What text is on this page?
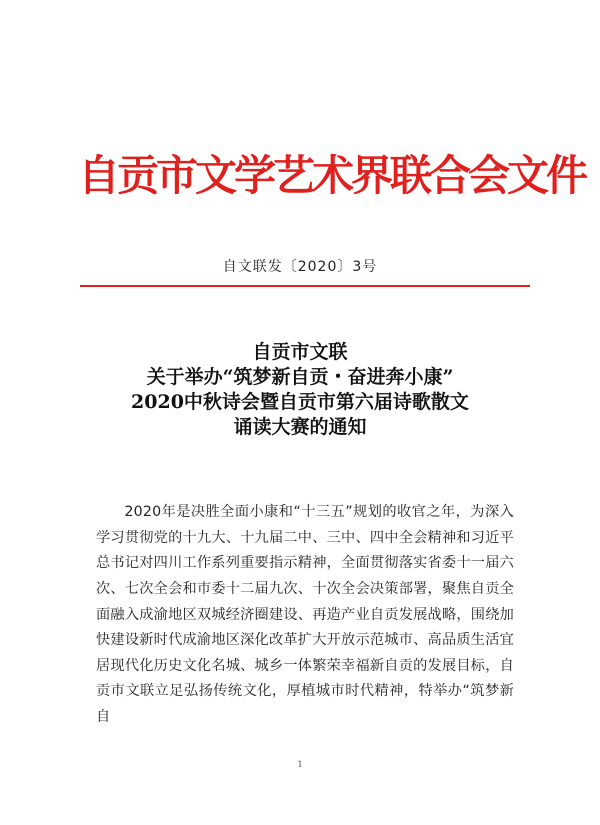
自贡市文学艺术界联合会文件
自文联发〔2020〕3号
自贡市文联
关于举办“筑梦新自贡・奋进奔小康”
2020中秋诗会暨自贡市第六届诗歌散文
诵读大赛的通知

2020年是决胜全面小康和“十三五”规划的收官之年，为深入学习贯彻党的十九大、十九届二中、三中、四中全会精神和习近平总书记对四川工作系列重要指示精神，全面贯彻落实省委十一届六次、七次全会和市委十二届九次、十次全会决策部署，聚焦自贡全面融入成渝地区双城经济圈建设、再造产业自贡发展战略，围绕加快建设新时代成渝地区深化改革扩大开放示范城市、高品质生活宜居现代化历史文化名城、城乡一体繁荣幸福新自贡的发展目标，自贡市文联立足弘扬传统文化，厚植城市时代精神，特举办“筑梦新自

1
